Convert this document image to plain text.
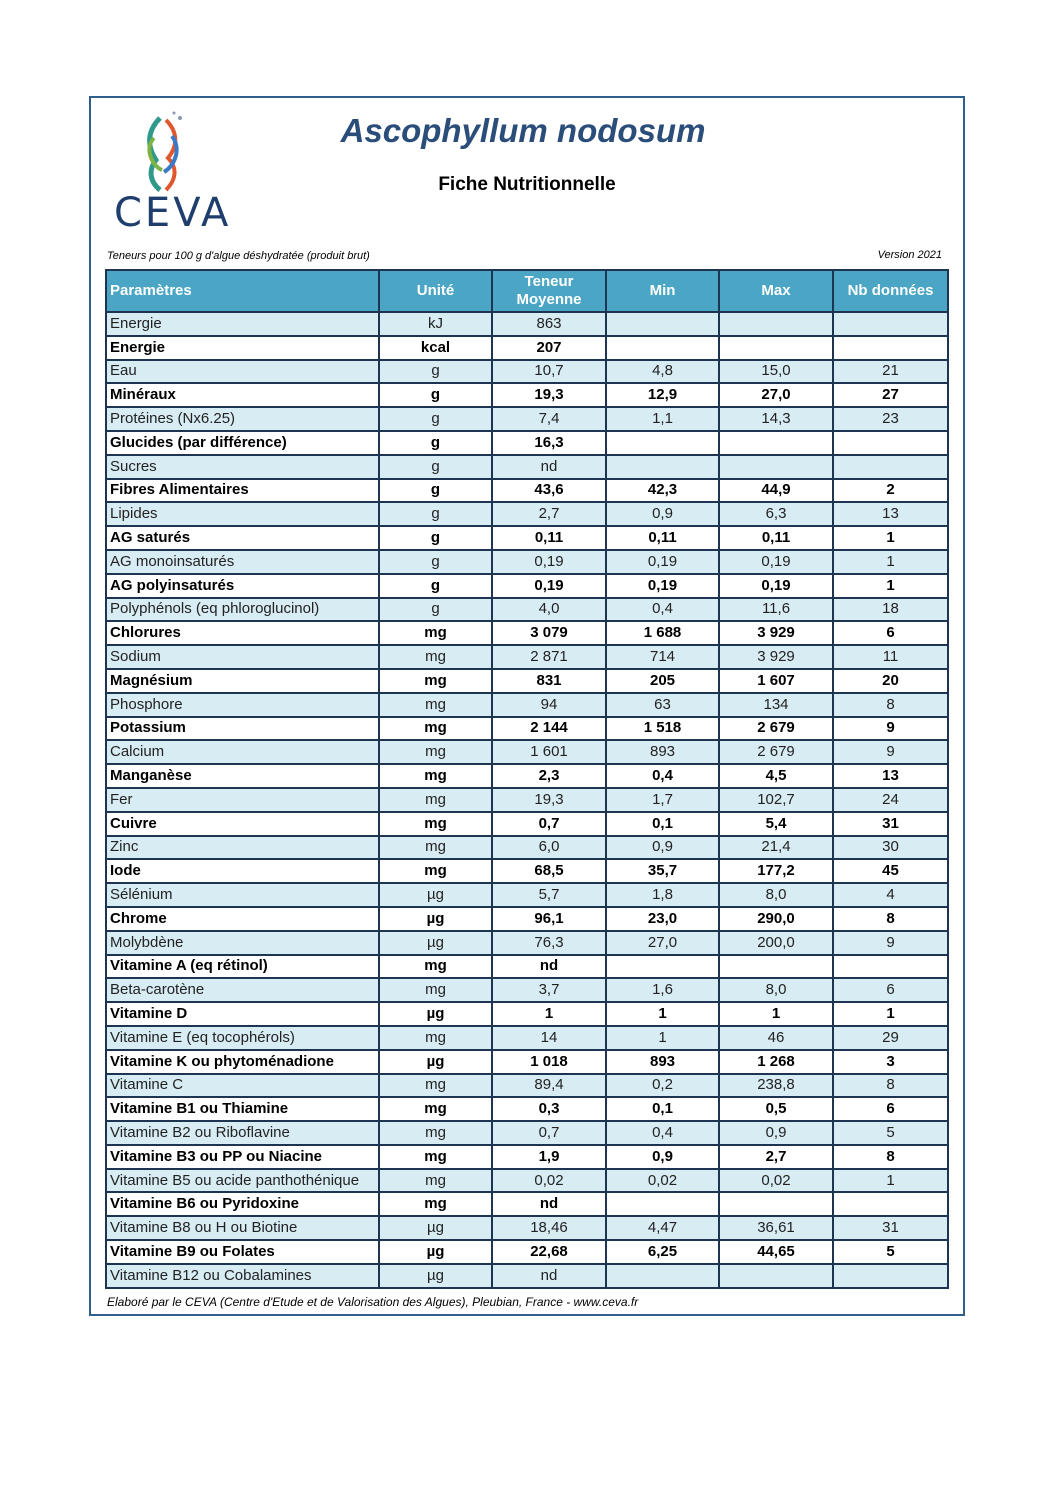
CEVA
Ascophyllum nodosum
Fiche Nutritionnelle
Teneurs pour 100 g d'algue déshydratée (produit brut)	Version 2021
Paramètres	Unité	Teneur Moyenne	Min	Max	Nb données
Energie	kJ	863			
Energie	kcal	207			
Eau	g	10,7	4,8	15,0	21
Minéraux	g	19,3	12,9	27,0	27
Protéines (Nx6.25)	g	7,4	1,1	14,3	23
Glucides (par différence)	g	16,3			
Sucres	g	nd			
Fibres Alimentaires	g	43,6	42,3	44,9	2
Lipides	g	2,7	0,9	6,3	13
AG saturés	g	0,11	0,11	0,11	1
AG monoinsaturés	g	0,19	0,19	0,19	1
AG polyinsaturés	g	0,19	0,19	0,19	1
Polyphénols (eq phloroglucinol)	g	4,0	0,4	11,6	18
Chlorures	mg	3 079	1 688	3 929	6
Sodium	mg	2 871	714	3 929	11
Magnésium	mg	831	205	1 607	20
Phosphore	mg	94	63	134	8
Potassium	mg	2 144	1 518	2 679	9
Calcium	mg	1 601	893	2 679	9
Manganèse	mg	2,3	0,4	4,5	13
Fer	mg	19,3	1,7	102,7	24
Cuivre	mg	0,7	0,1	5,4	31
Zinc	mg	6,0	0,9	21,4	30
Iode	mg	68,5	35,7	177,2	45
Sélénium	µg	5,7	1,8	8,0	4
Chrome	µg	96,1	23,0	290,0	8
Molybdène	µg	76,3	27,0	200,0	9
Vitamine A (eq rétinol)	mg	nd			
Beta-carotène	mg	3,7	1,6	8,0	6
Vitamine D	µg	1	1	1	1
Vitamine E (eq tocophérols)	mg	14	1	46	29
Vitamine K ou phytoménadione	µg	1 018	893	1 268	3
Vitamine C	mg	89,4	0,2	238,8	8
Vitamine B1 ou Thiamine	mg	0,3	0,1	0,5	6
Vitamine B2 ou Riboflavine	mg	0,7	0,4	0,9	5
Vitamine B3 ou PP ou Niacine	mg	1,9	0,9	2,7	8
Vitamine B5 ou acide panthothénique	mg	0,02	0,02	0,02	1
Vitamine B6 ou Pyridoxine	mg	nd			
Vitamine B8 ou H ou Biotine	µg	18,46	4,47	36,61	31
Vitamine B9 ou Folates	µg	22,68	6,25	44,65	5
Vitamine B12 ou Cobalamines	µg	nd			
Elaboré par le CEVA (Centre d'Etude et de Valorisation des Algues), Pleubian, France - www.ceva.fr
